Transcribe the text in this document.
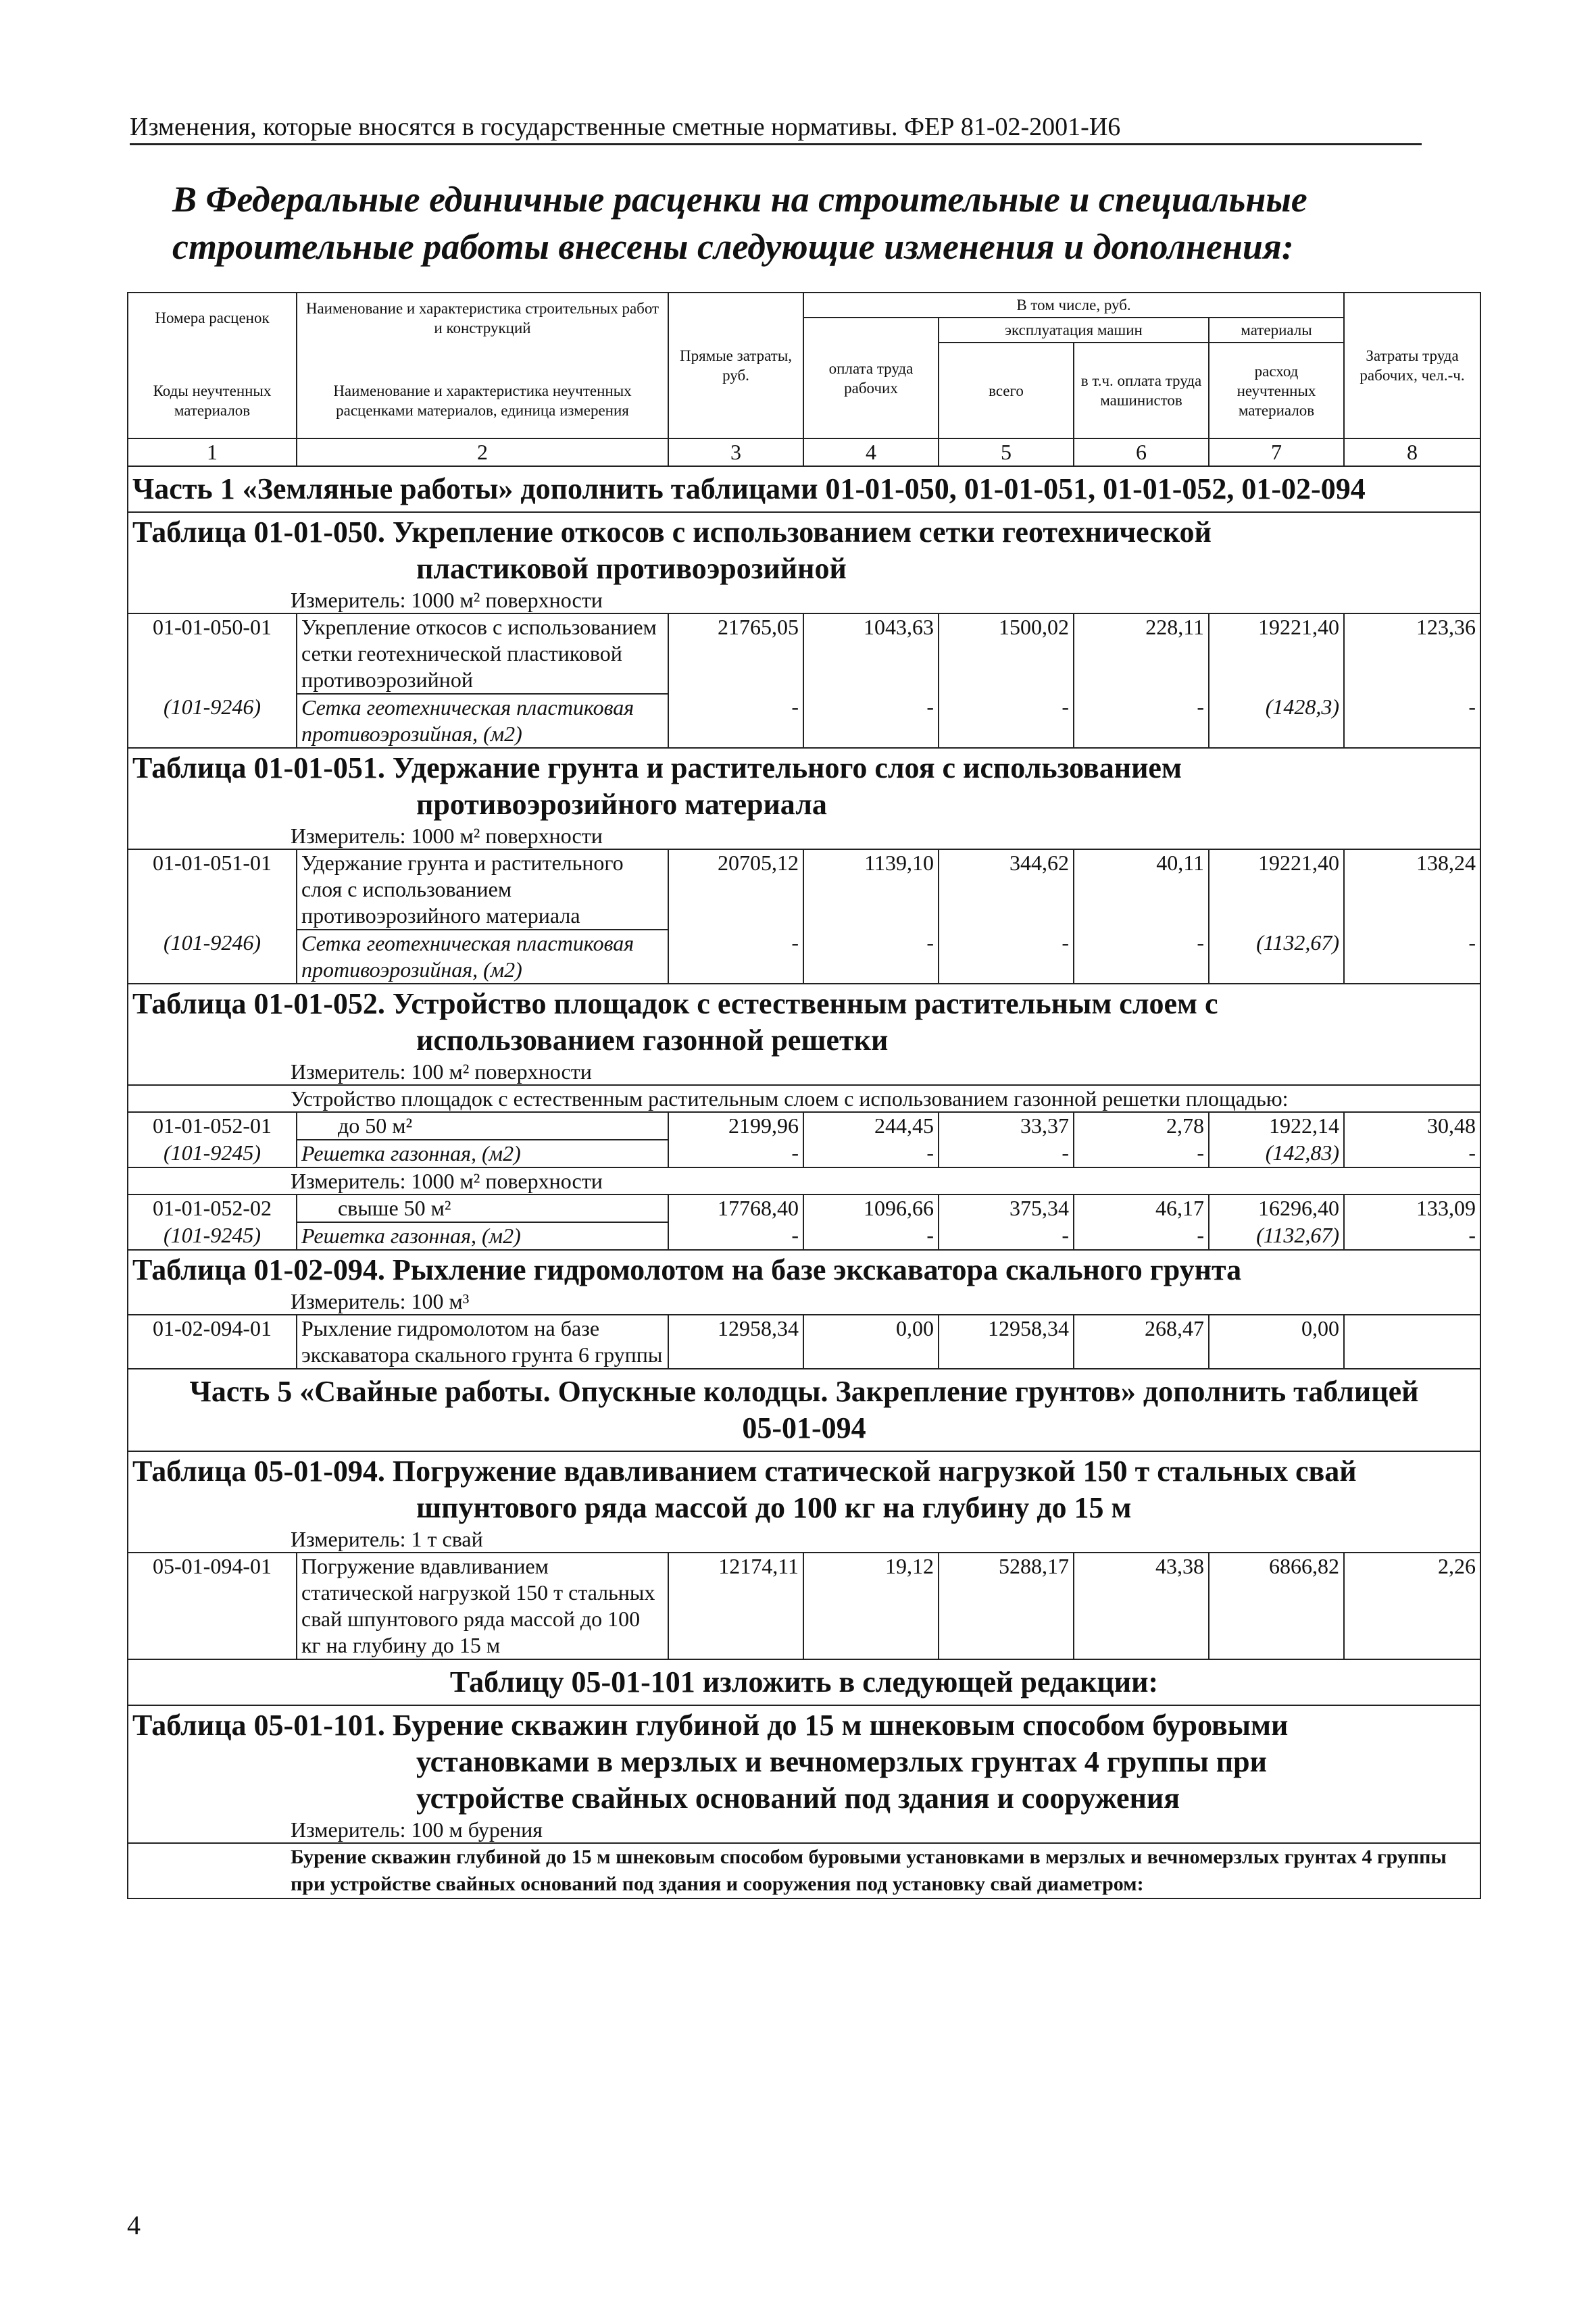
Изменения, которые вносятся в государственные сметные нормативы. ФЕР 81-02-2001-И6
В Федеральные единичные расценки на строительные и специальные строительные работы внесены следующие изменения и дополнения:
Номера расценок	Наименование и характеристика строительных работ и конструкций	Прямые затраты, руб.	В том числе, руб.				Затраты труда рабочих, чел.-ч.
			оплата труда рабочих	эксплуатация машин		материалы	
				всего	в т.ч. оплата труда машинистов	расход неучтенных материалов	
Коды неучтенных материалов	Наименование и характеристика неучтенных расценками материалов, единица измерения						
1	2	3	4	5	6	7	8
Часть 1 «Земляные работы» дополнить таблицами 01-01-050, 01-01-051, 01-01-052, 01-02-094							

Таблица 01-01-050. Укрепление откосов с использованием сетки геотехнической
пластиковой противоэрозийной							

Измеритель: 1000 м² поверхности							
01-01-050-01	Укрепление откосов с использованием сетки геотехнической пластиковой противоэрозийной	21765,05	1043,63	1500,02	228,11	19221,40	123,36
(101-9246)	Сетка геотехническая пластиковая противоэрозийная, (м2)	-	-	-	-	(1428,3)	-

Таблица 01-01-051. Удержание грунта и растительного слоя с использованием
противоэрозийного материала							

Измеритель: 1000 м² поверхности							
01-01-051-01	Удержание грунта и растительного слоя с использованием противоэрозийного материала	20705,12	1139,10	344,62	40,11	19221,40	138,24
(101-9246)	Сетка геотехническая пластиковая противоэрозийная, (м2)	-	-	-	-	(1132,67)	-

Таблица 01-01-052. Устройство площадок с естественным растительным слоем с
использованием газонной решетки							

Измеритель: 100 м² поверхности							
Устройство площадок с естественным растительным слоем с использованием газонной решетки площадью:							
01-01-052-01	до 50 м²	2199,96	244,45	33,37	2,78	1922,14	30,48
(101-9245)	Решетка газонная, (м2)	-	-	-	-	(142,83)	-
Измеритель: 1000 м² поверхности							
01-01-052-02	свыше 50 м²	17768,40	1096,66	375,34	46,17	16296,40	133,09
(101-9245)	Решетка газонная, (м2)	-	-	-	-	(1132,67)	-
Таблица 01-02-094. Рыхление гидромолотом на базе экскаватора скального грунта							
Измеритель: 100 м³							
01-02-094-01	Рыхление гидромолотом на базе экскаватора скального грунта 6 группы	12958,34	0,00	12958,34	268,47	0,00	

Часть 5 «Свайные работы. Опускные колодцы. Закрепление грунтов» дополнить таблицей
05-01-094							

Таблица 05-01-094. Погружение вдавливанием статической нагрузкой 150 т стальных свай
шпунтового ряда массой до 100 кг на глубину до 15 м							

Измеритель: 1 т свай							
05-01-094-01	Погружение вдавливанием статической нагрузкой 150 т стальных свай шпунтового ряда массой до 100 кг на глубину до 15 м	12174,11	19,12	5288,17	43,38	6866,82	2,26
Таблицу 05-01-101 изложить в следующей редакции:							

Таблица 05-01-101. Бурение скважин глубиной до 15 м шнековым способом буровыми
установками в мерзлых и вечномерзлых грунтах 4 группы при
устройстве свайных оснований под здания и сооружения							

Измеритель: 100 м бурения							
Бурение скважин глубиной до 15 м шнековым способом буровыми установками в мерзлых и вечномерзлых грунтах 4 группы при устройстве свайных оснований под здания и сооружения под установку свай диаметром:							
4
